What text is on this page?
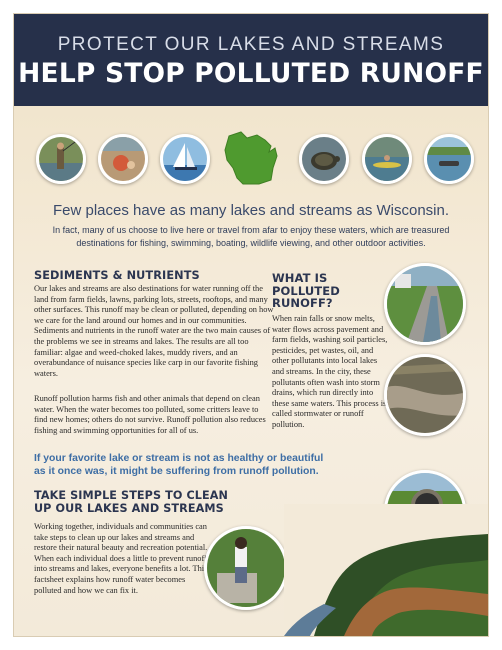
PROTECT OUR LAKES AND STREAMS
HELP STOP POLLUTED RUNOFF
Few places have as many lakes and streams as Wisconsin.
In fact, many of us choose to live here or travel from afar to enjoy these waters, which are treasured destinations for fishing, swimming, boating, wildlife viewing, and other outdoor activities.
SEDIMENTS & NUTRIENTS
Our lakes and streams are also destinations for water running off the land from farm fields, lawns, parking lots, streets, rooftops, and many other surfaces. This runoff may be clean or polluted, depending on how we care for the land around our homes and in our communities. Sediments and nutrients in the runoff water are the two main causes of the problems we see in streams and lakes. The results are all too familiar: algae and weed-choked lakes, muddy rivers, and an overabundance of nuisance species like carp in our favorite fishing waters.
Runoff pollution harms fish and other animals that depend on clean water. When the water becomes too polluted, some critters leave to find new homes; others do not survive. Runoff pollution also reduces fishing and swimming opportunities for all of us.
WHAT IS POLLUTED RUNOFF?
When rain falls or snow melts, water flows across pavement and farm fields, washing soil particles, pesticides, pet wastes, oil, and other pollutants into local lakes and streams. In the city, these pollutants often wash into storm drains, which run directly into these same waters. This process is called stormwater or runoff pollution.
If your favorite lake or stream is not as healthy or beautiful as it once was, it might be suffering from runoff pollution.
TAKE SIMPLE STEPS TO CLEAN UP OUR LAKES AND STREAMS
Working together, individuals and communities can take steps to clean up our lakes and streams and restore their natural beauty and recreation potential. When each individual does a little to prevent runoff into streams and lakes, everyone benefits a lot. This factsheet explains how runoff water becomes polluted and how we can fix it.
